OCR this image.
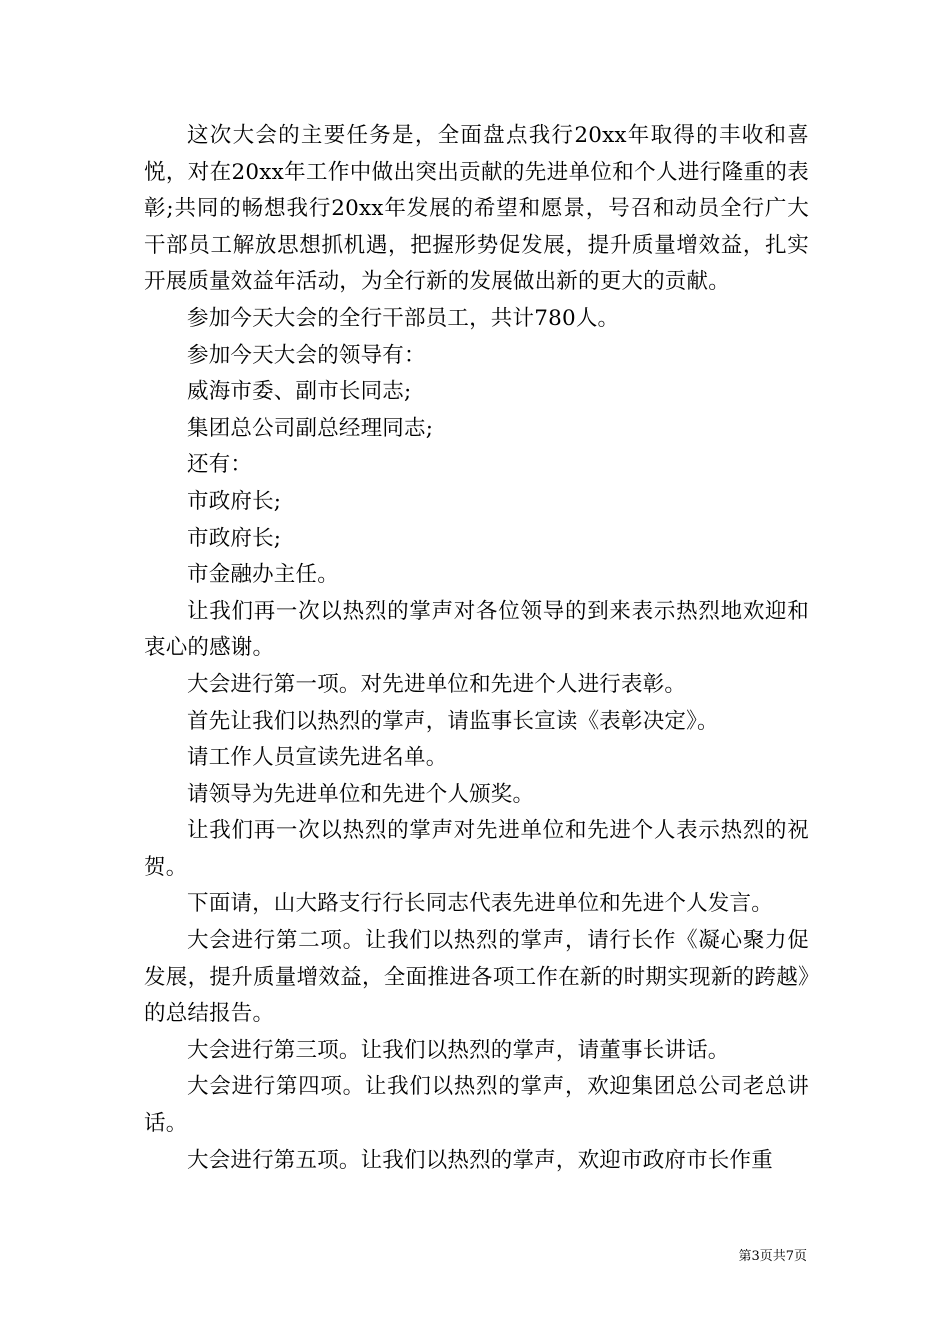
这次大会的主要任务是，全面盘点我行20xx年取得的丰收和喜悦，对在20xx年工作中做出突出贡献的先进单位和个人进行隆重的表彰;共同的畅想我行20xx年发展的希望和愿景，号召和动员全行广大干部员工解放思想抓机遇，把握形势促发展，提升质量增效益，扎实开展质量效益年活动，为全行新的发展做出新的更大的贡献。

参加今天大会的全行干部员工，共计780人。

参加今天大会的领导有：

威海市委、副市长同志;

集团总公司副总经理同志;

还有：

市政府长;

市政府长;

市金融办主任。

让我们再一次以热烈的掌声对各位领导的到来表示热烈地欢迎和衷心的感谢。

大会进行第一项。对先进单位和先进个人进行表彰。

首先让我们以热烈的掌声，请监事长宣读《表彰决定》。

请工作人员宣读先进名单。

请领导为先进单位和先进个人颁奖。

让我们再一次以热烈的掌声对先进单位和先进个人表示热烈的祝贺。

下面请，山大路支行行长同志代表先进单位和先进个人发言。

大会进行第二项。让我们以热烈的掌声，请行长作《凝心聚力促发展，提升质量增效益，全面推进各项工作在新的时期实现新的跨越》的总结报告。

大会进行第三项。让我们以热烈的掌声，请董事长讲话。

大会进行第四项。让我们以热烈的掌声，欢迎集团总公司老总讲话。

大会进行第五项。让我们以热烈的掌声，欢迎市政府市长作重

第3页共7页
